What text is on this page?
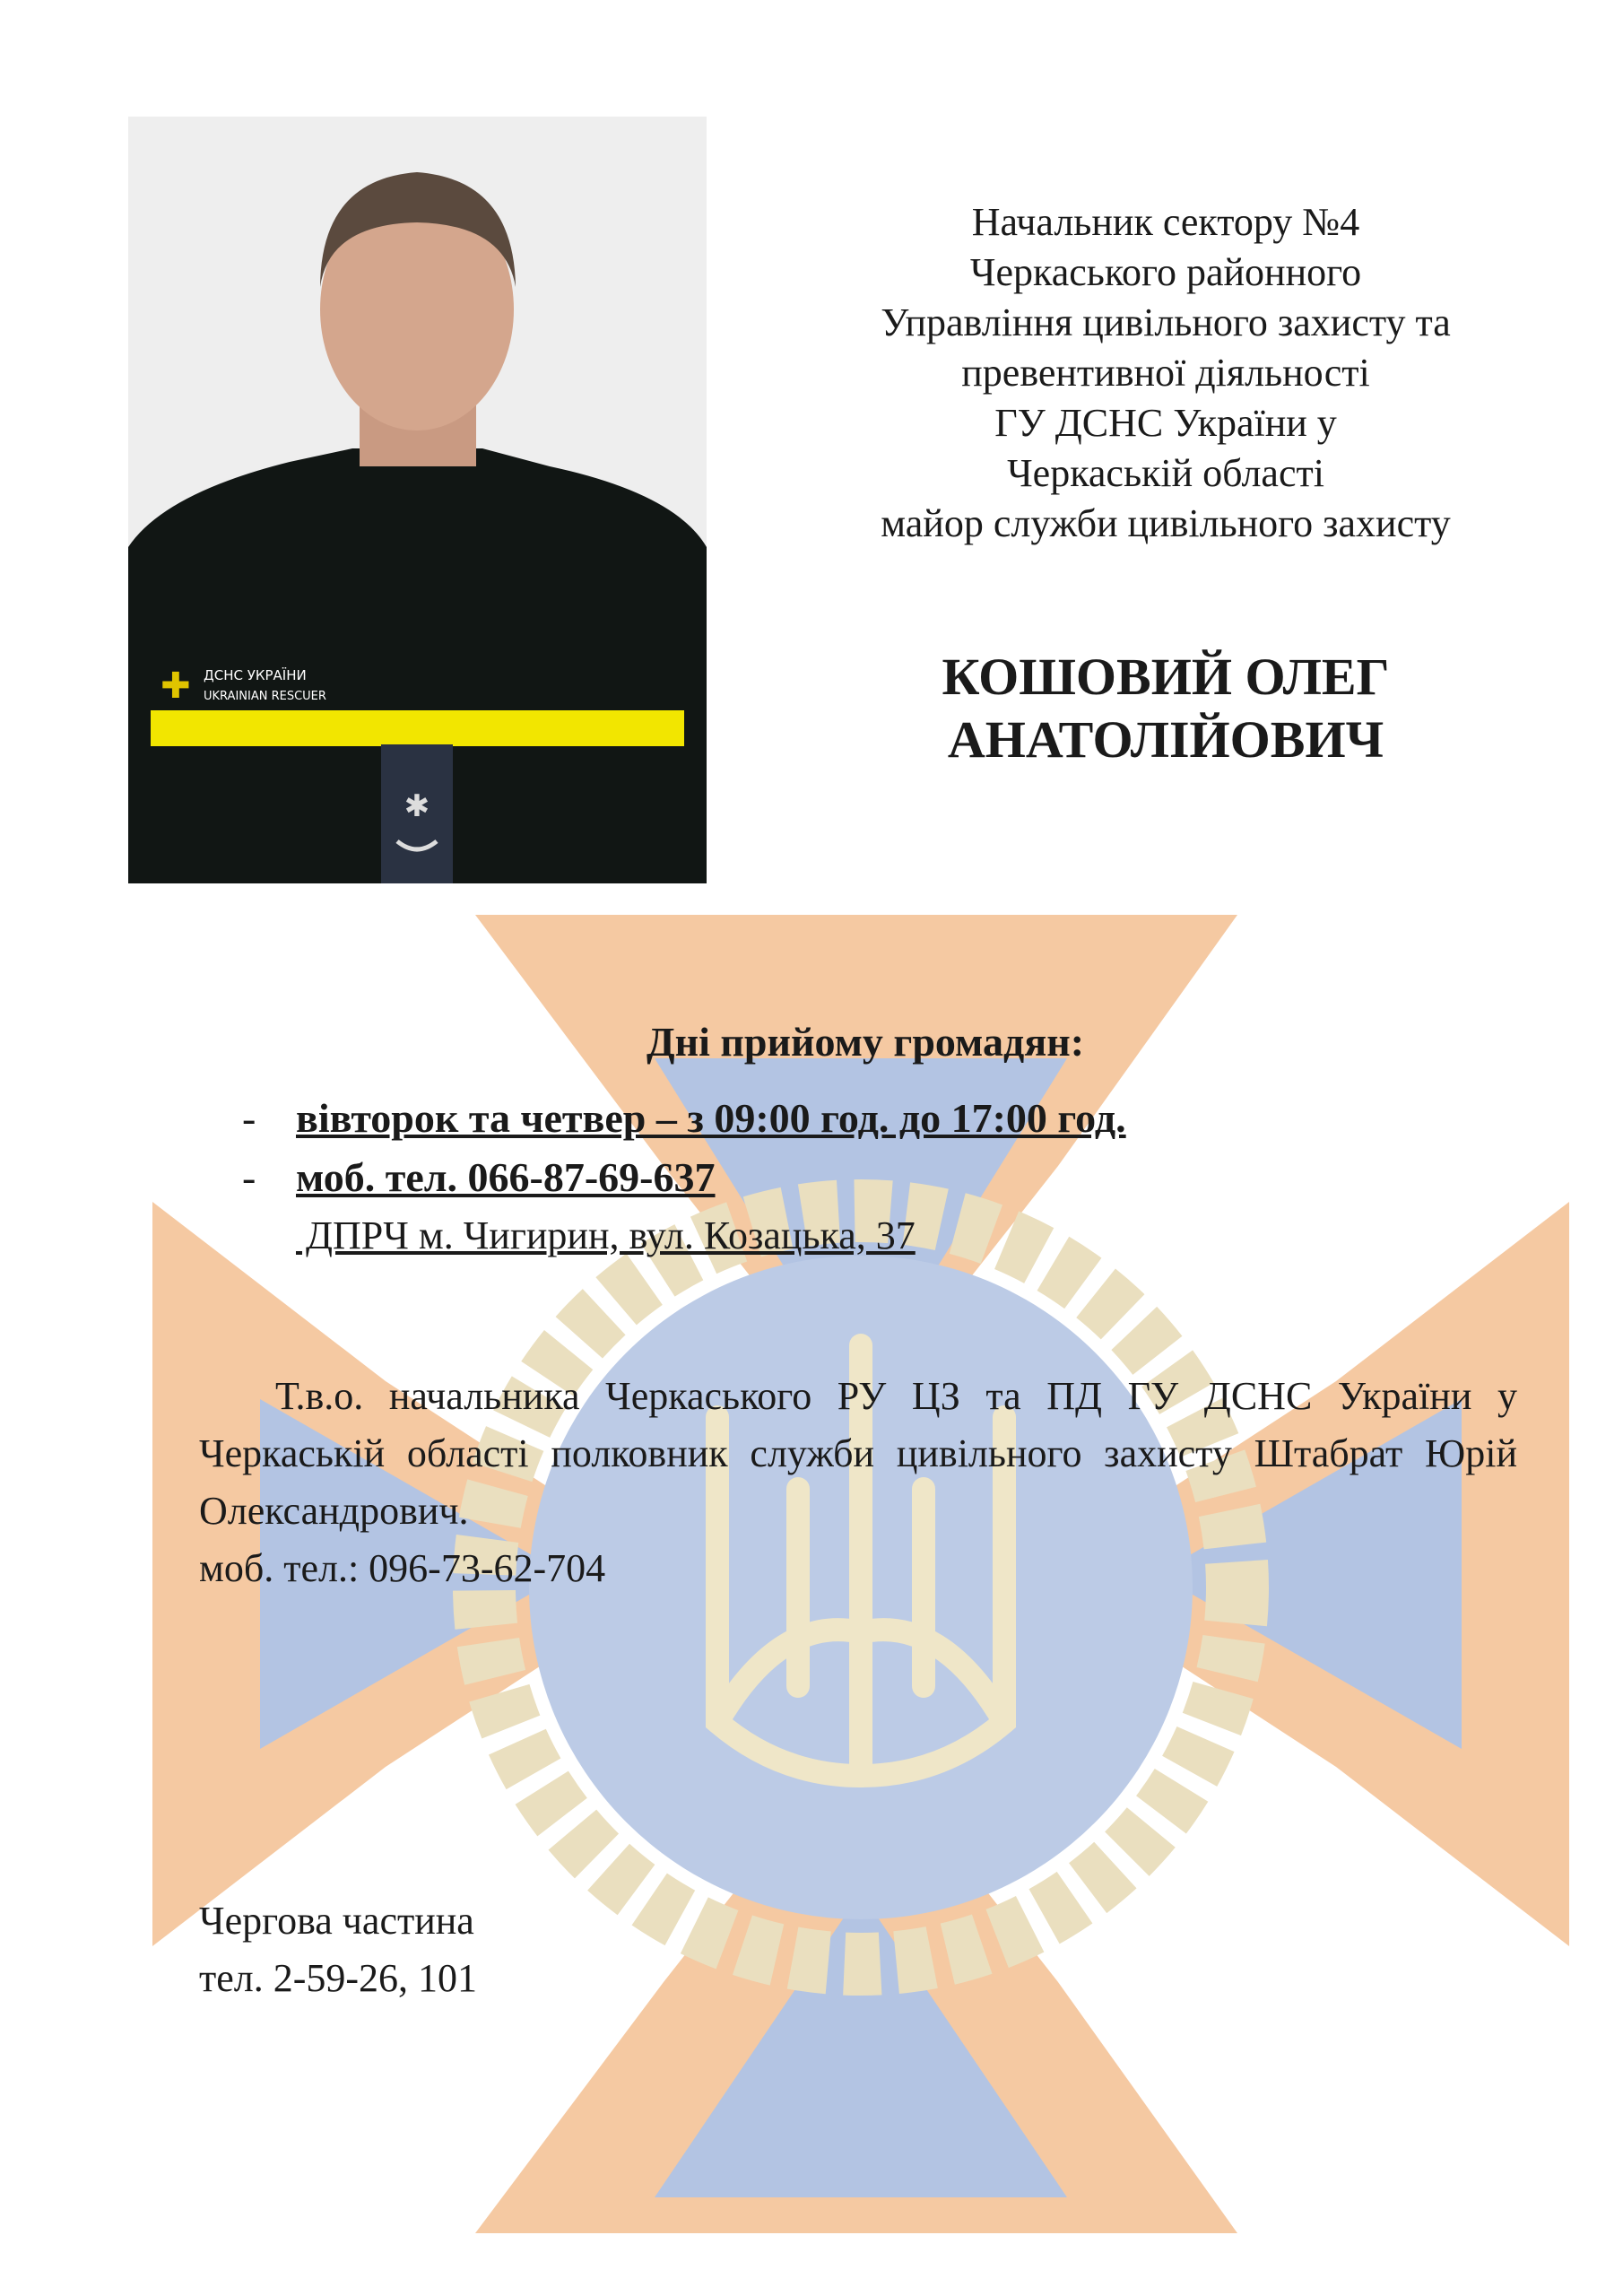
✱
✚ ДСНС УКРАЇНИ
UKRAINIAN RESCUER
Начальник сектору №4
Черкаського районного
Управління цивільного захисту та
превентивної діяльності
ГУ ДСНС України у
Черкаській області
майор служби цивільного захисту
КОШОВИЙ ОЛЕГ
АНАТОЛІЙОВИЧ
Дні прийому громадян:
- вівторок та четвер – з 09:00 год. до 17:00 год.
- моб. тел. 066-87-69-637
ДПРЧ м. Чигирин, вул. Козацька, 37
Т.в.о. начальника Черкаського РУ ЦЗ та ПД ГУ ДСНС України у Черкаській області полковник служби цивільного захисту Штабрат Юрій Олександрович.
моб. тел.: 096-73-62-704
Чергова частина
тел. 2-59-26, 101
